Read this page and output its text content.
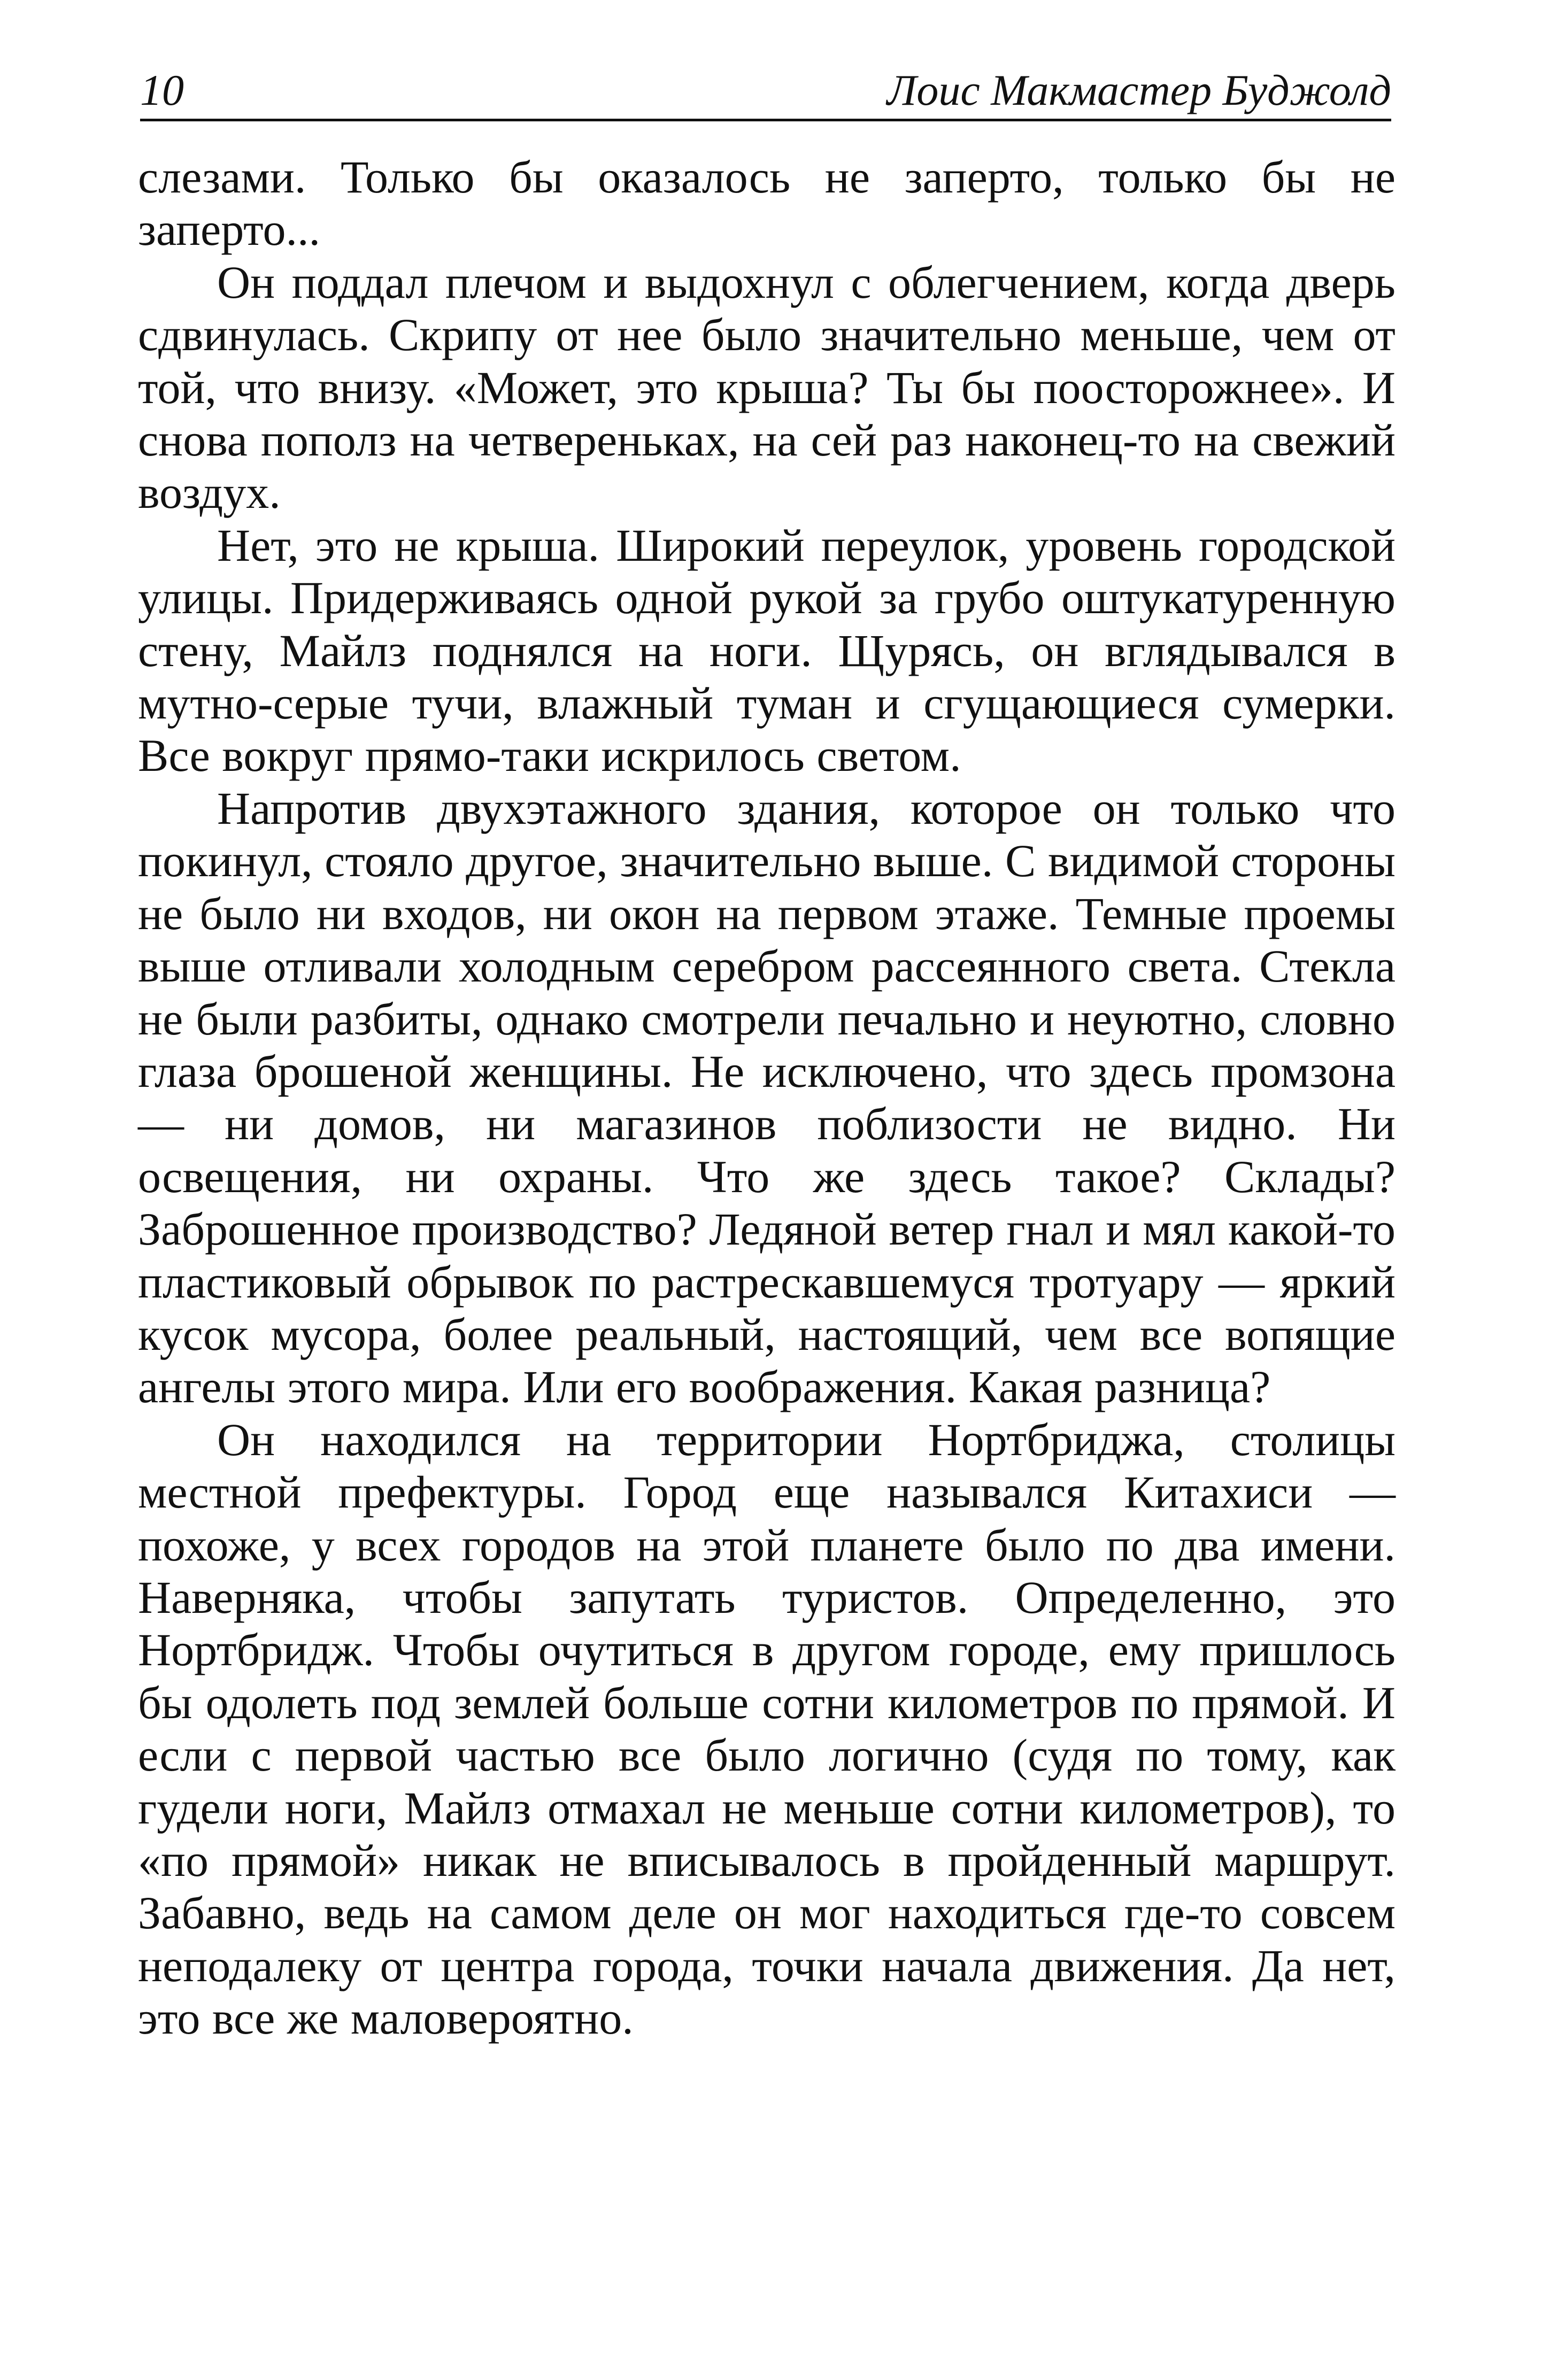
10	Лоис Макмастер Буджолд

слезами. Только бы оказалось не заперто, только бы не заперто...

Он поддал плечом и выдохнул с облегчением, когда дверь сдвинулась. Скрипу от нее было значительно меньше, чем от той, что внизу. «Может, это крыша? Ты бы поосторожнее». И снова пополз на четвереньках, на сей раз наконец-то на свежий воздух.

Нет, это не крыша. Широкий переулок, уровень городской улицы. Придерживаясь одной рукой за грубо оштукатуренную стену, Майлз поднялся на ноги. Щурясь, он вглядывался в мутно-серые тучи, влажный туман и сгущающиеся сумерки. Все вокруг прямо-таки искрилось светом.

Напротив двухэтажного здания, которое он только что покинул, стояло другое, значительно выше. С видимой стороны не было ни входов, ни окон на первом этаже. Темные проемы выше отливали холодным серебром рассеянного света. Стекла не были разбиты, однако смотрели печально и неуютно, словно глаза брошеной женщины. Не исключено, что здесь промзона — ни домов, ни магазинов поблизости не видно. Ни освещения, ни охраны. Что же здесь такое? Склады? Заброшенное производство? Ледяной ветер гнал и мял какой-то пластиковый обрывок по растрескавшемуся тротуару — яркий кусок мусора, более реальный, настоящий, чем все вопящие ангелы этого мира. Или его воображения. Какая разница?

Он находился на территории Нортбриджа, столицы местной префектуры. Город еще назывался Китахиси — похоже, у всех городов на этой планете было по два имени. Наверняка, чтобы запутать туристов. Определенно, это Нортбридж. Чтобы очутиться в другом городе, ему пришлось бы одолеть под землей больше сотни километров по прямой. И если с первой частью все было логично (судя по тому, как гудели ноги, Майлз отмахал не меньше сотни километров), то «по прямой» никак не вписывалось в пройденный маршрут. Забавно, ведь на самом деле он мог находиться где-то совсем неподалеку от центра города, точки начала движения. Да нет, это все же маловероятно.
